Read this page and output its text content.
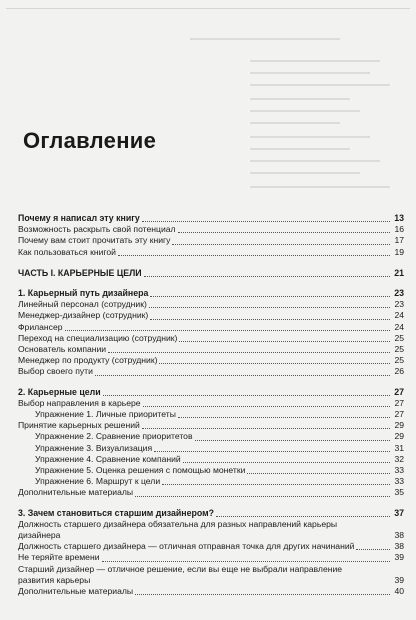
Оглавление
Почему я написал эту книгу	13
Возможность раскрыть свой потенциал	16
Почему вам стоит прочитать эту книгу	17
Как пользоваться книгой	19
ЧАСТЬ I. КАРЬЕРНЫЕ ЦЕЛИ	21
1. Карьерный путь дизайнера	23
Линейный персонал (сотрудник)	23
Менеджер-дизайнер (сотрудник)	24
Фрилансер	24
Переход на специализацию (сотрудник)	25
Основатель компании	25
Менеджер по продукту (сотрудник)	25
Выбор своего пути	26
2. Карьерные цели	27
Выбор направления в карьере	27
Упражнение 1. Личные приоритеты	27
Принятие карьерных решений	29
Упражнение 2. Сравнение приоритетов	29
Упражнение 3. Визуализация	31
Упражнение 4. Сравнение компаний	32
Упражнение 5. Оценка решения с помощью монетки	33
Упражнение 6. Маршрут к цели	33
Дополнительные материалы	35
3. Зачем становиться старшим дизайнером?	37
Должность старшего дизайнера обязательна для разных направлений карьеры дизайнера	38
Должность старшего дизайнера — отличная отправная точка для других начинаний	38
Не теряйте времени	39
Старший дизайнер — отличное решение, если вы еще не выбрали направление развития карьеры	39
Дополнительные материалы	40
